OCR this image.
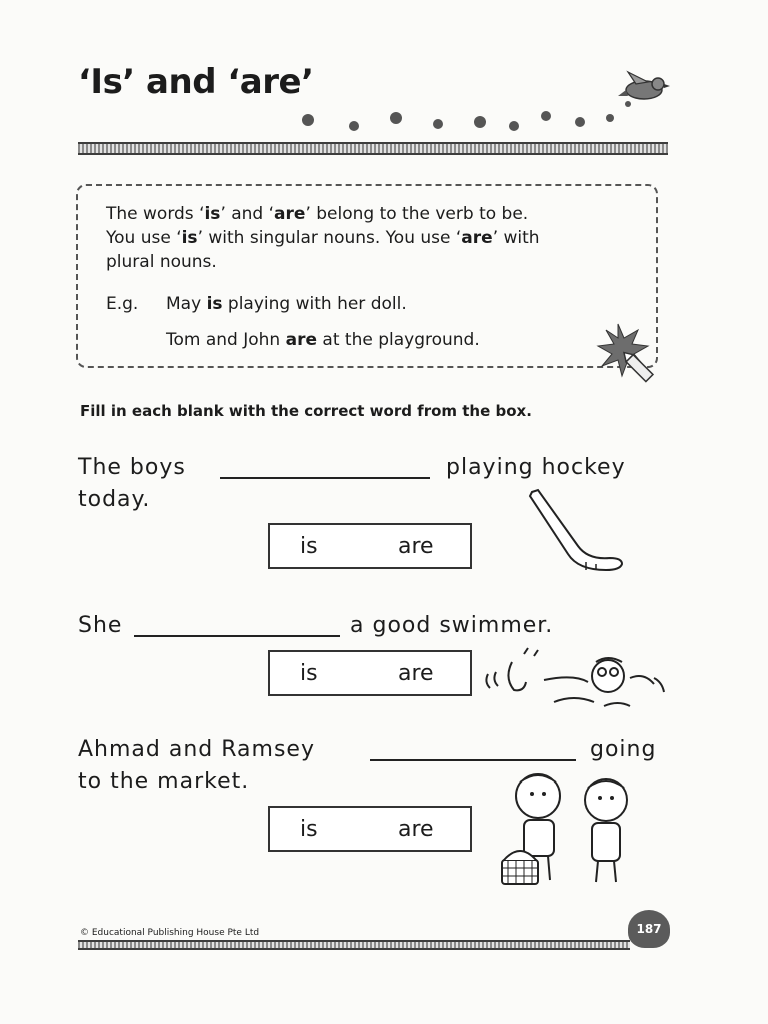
‘Is’ and ‘are’

The words ‘is’ and ‘are’ belong to the verb to be.
You use ‘is’ with singular nouns. You use ‘are’ with
plural nouns.

E.g. May is playing with her doll.
Tom and John are at the playground.

Fill in each blank with the correct word from the box.

The boys	playing hockey
today.
is	are
She	a good swimmer.
is	are
Ahmad and Ramsey	going
to the market.
is	are
© Educational Publishing House Pte Ltd	187
